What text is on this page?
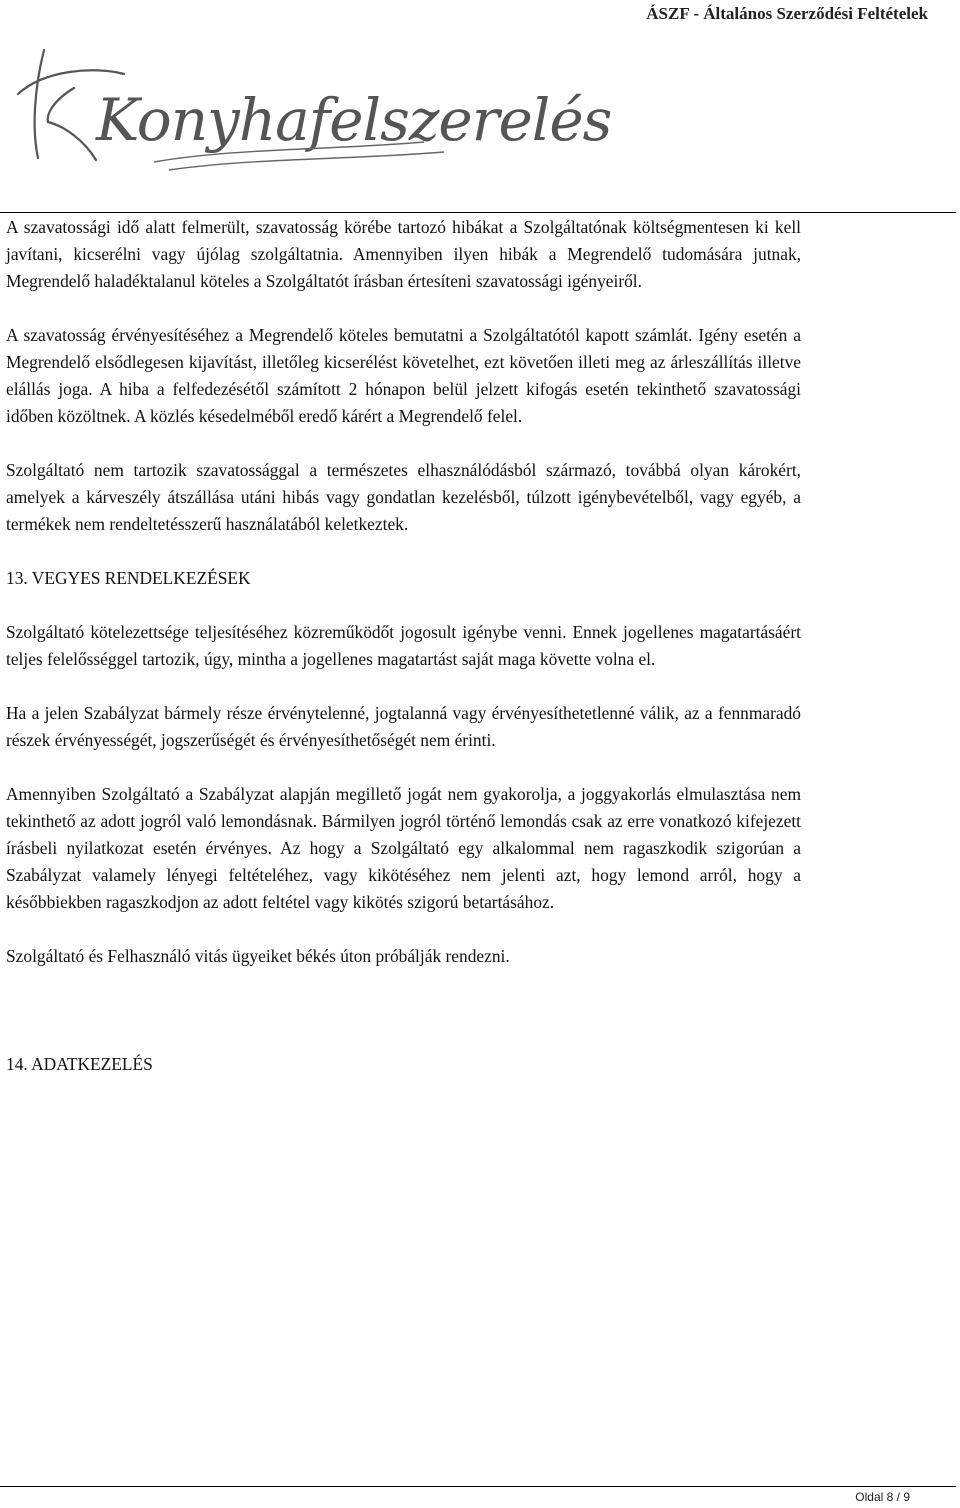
ÁSZF - Általános Szerződési Feltételek
Konyhafelszerelés

A szavatossági idő alatt felmerült, szavatosság körébe tartozó hibákat a Szolgáltatónak költségmentesen ki kell javítani, kicserélni vagy újólag szolgáltatnia. Amennyiben ilyen hibák a Megrendelő tudomására jutnak, Megrendelő haladéktalanul köteles a Szolgáltatót írásban értesíteni szavatossági igényeiről.

A szavatosság érvényesítéséhez a Megrendelő köteles bemutatni a Szolgáltatótól kapott számlát. Igény esetén a Megrendelő elsődlegesen kijavítást, illetőleg kicserélést követelhet, ezt követően illeti meg az árleszállítás illetve elállás joga. A hiba a felfedezésétől számított 2 hónapon belül jelzett kifogás esetén tekinthető szavatossági időben közöltnek. A közlés késedelméből eredő kárért a Megrendelő felel.

Szolgáltató nem tartozik szavatossággal a természetes elhasználódásból származó, továbbá olyan károkért, amelyek a kárveszély átszállása utáni hibás vagy gondatlan kezelésből, túlzott igénybevételből, vagy egyéb, a termékek nem rendeltetésszerű használatából keletkeztek.

13. VEGYES RENDELKEZÉSEK

Szolgáltató kötelezettsége teljesítéséhez közreműködőt jogosult igénybe venni. Ennek jogellenes magatartásáért teljes felelősséggel tartozik, úgy, mintha a jogellenes magatartást saját maga követte volna el.

Ha a jelen Szabályzat bármely része érvénytelenné, jogtalanná vagy érvényesíthetetlenné válik, az a fennmaradó részek érvényességét, jogszerűségét és érvényesíthetőségét nem érinti.

Amennyiben Szolgáltató a Szabályzat alapján megillető jogát nem gyakorolja, a joggyakorlás elmulasztása nem tekinthető az adott jogról való lemondásnak. Bármilyen jogról történő lemondás csak az erre vonatkozó kifejezett írásbeli nyilatkozat esetén érvényes. Az hogy a Szolgáltató egy alkalommal nem ragaszkodik szigorúan a Szabályzat valamely lényegi feltételéhez, vagy kikötéséhez nem jelenti azt, hogy lemond arról, hogy a későbbiekben ragaszkodjon az adott feltétel vagy kikötés szigorú betartásához.

Szolgáltató és Felhasználó vitás ügyeiket békés úton próbálják rendezni.

14. ADATKEZELÉS
Oldal 8 / 9
